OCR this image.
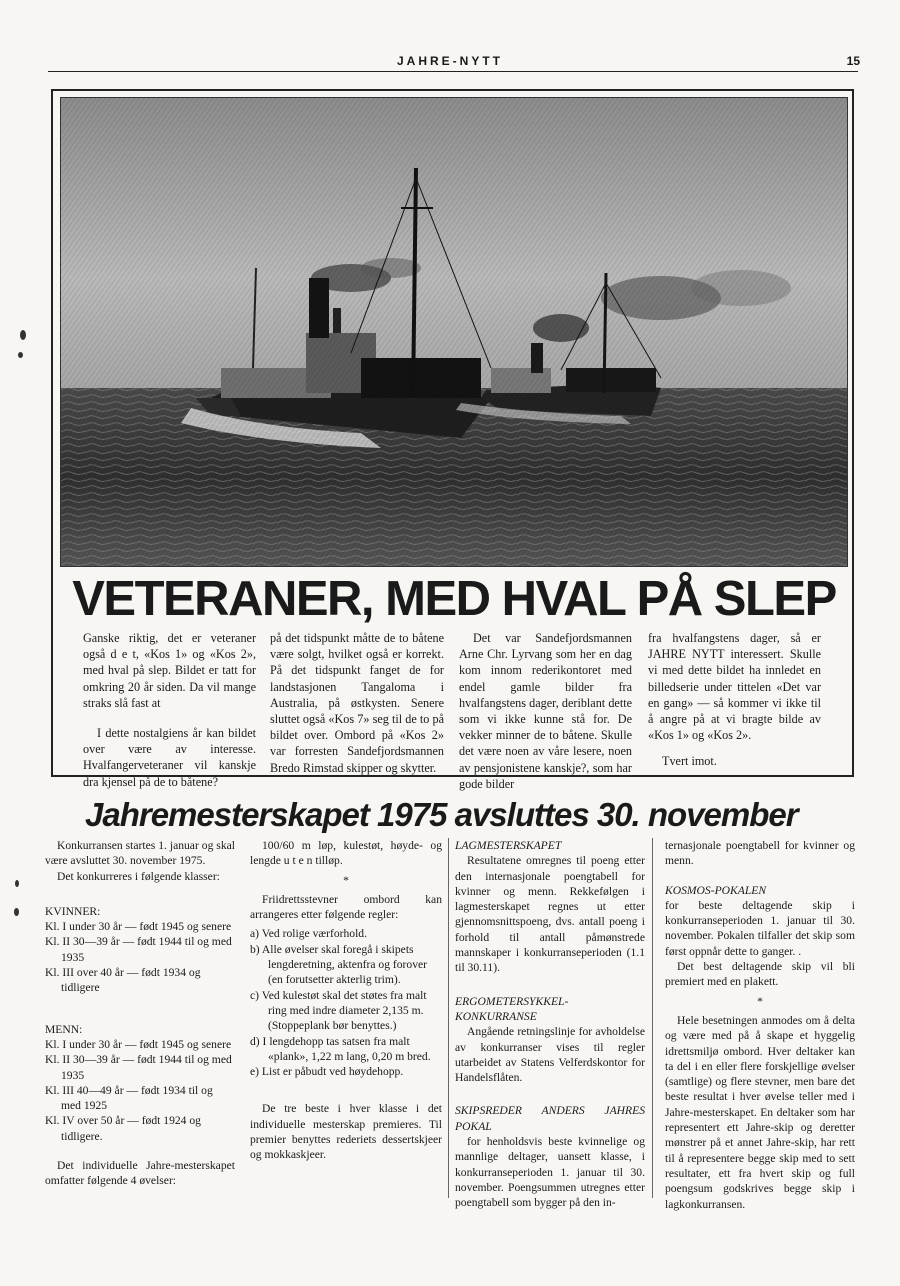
JAHRE-NYTT	15
VETERANER, MED HVAL PÅ SLEP

Ganske riktig, det er veteraner også d e t, «Kos 1» og «Kos 2», med hval på slep. Bildet er tatt for omkring 20 år siden. Da vil mange straks slå fast at

I dette nostalgiens år kan bildet over være av interesse. Hvalfangerveteraner vil kanskje dra kjensel på de to båtene?

på det tidspunkt måtte de to båtene være solgt, hvilket også er korrekt. På det tidspunkt fanget de for landstasjonen Tangaloma i Australia, på østkysten. Senere sluttet også «Kos 7» seg til de to på bildet over. Ombord på «Kos 2» var forresten Sandefjordsmannen Bredo Rimstad skipper og skytter.

Det var Sandefjordsmannen Arne Chr. Lyrvang som her en dag kom innom rederikontoret med endel gamle bilder fra hvalfangstens dager, deriblant dette som vi ikke kunne stå for. De vekker minner de to båtene. Skulle det være noen av våre lesere, noen av pensjonistene kanskje?, som har gode bilder

fra hvalfangstens dager, så er JAHRE NYTT interessert. Skulle vi med dette bildet ha innledet en billedserie under tittelen «Det var en gang» — så kommer vi ikke til å angre på at vi bragte bilde av «Kos 1» og «Kos 2».

Tvert imot.

Jahremesterskapet 1975 avsluttes 30. november

Konkurransen startes 1. januar og skal være avsluttet 30. november 1975.

Det konkurreres i følgende klasser:

KVINNER:

Kl. I under 30 år — født 1945 og senere

Kl. II 30—39 år — født 1944 til og med 1935

Kl. III over 40 år — født 1934 og tidligere

MENN:

Kl. I under 30 år — født 1945 og senere

Kl. II 30—39 år — født 1944 til og med 1935

Kl. III 40—49 år — født 1934 til og med 1925

Kl. IV over 50 år — født 1924 og tidligere.

Det individuelle Jahre-mesterskapet omfatter følgende 4 øvelser:

100/60 m løp, kulestøt, høyde- og lengde u t e n tilløp.

*

Friidrettsstevner ombord kan arrangeres etter følgende regler:

a) Ved rolige værforhold.
b) Alle øvelser skal foregå i skipets lengderetning, aktenfra og forover (en forutsetter akterlig trim).
c) Ved kulestøt skal det støtes fra malt ring med indre diameter 2,135 m. (Stoppeplank bør benyttes.)
d) I lengdehopp tas satsen fra malt «plank», 1,22 m lang, 0,20 m bred.
e) List er påbudt ved høydehopp.

De tre beste i hver klasse i det individuelle mesterskap premieres. Til premier benyttes rederiets dessertskjeer og mokkaskjeer.

LAGMESTERSKAPET

Resultatene omregnes til poeng etter den internasjonale poengtabell for kvinner og menn. Rekkefølgen i lagmesterskapet regnes ut etter gjennomsnittspoeng, dvs. antall poeng i forhold til antall påmønstrede mannskaper i konkurranseperioden (1.1 til 30.11).

ERGOMETERSYKKEL-KONKURRANSE

Angående retningslinje for avholdelse av konkurranser vises til regler utarbeidet av Statens Velferdskontor for Handelsflåten.

SKIPSREDER ANDERS JAHRES POKAL

for henholdsvis beste kvinnelige og mannlige deltager, uansett klasse, i konkurranseperioden 1. januar til 30. november. Poengsummen utregnes etter poengtabell som bygger på den in-

ternasjonale poengtabell for kvinner og menn.

KOSMOS-POKALEN

for beste deltagende skip i konkurranseperioden 1. januar til 30. november. Pokalen tilfaller det skip som først oppnår dette to ganger. .

Det best deltagende skip vil bli premiert med en plakett.

*

Hele besetningen anmodes om å delta og være med på å skape et hyggelig idrettsmiljø ombord. Hver deltaker kan ta del i en eller flere forskjellige øvelser (samtlige) og flere stevner, men bare det beste resultat i hver øvelse teller med i Jahre-mesterskapet. En deltaker som har representert ett Jahre-skip og deretter mønstrer på et annet Jahre-skip, har rett til å representere begge skip med to sett resultater, ett fra hvert skip og full poengsum godskrives begge skip i lagkonkurransen.
